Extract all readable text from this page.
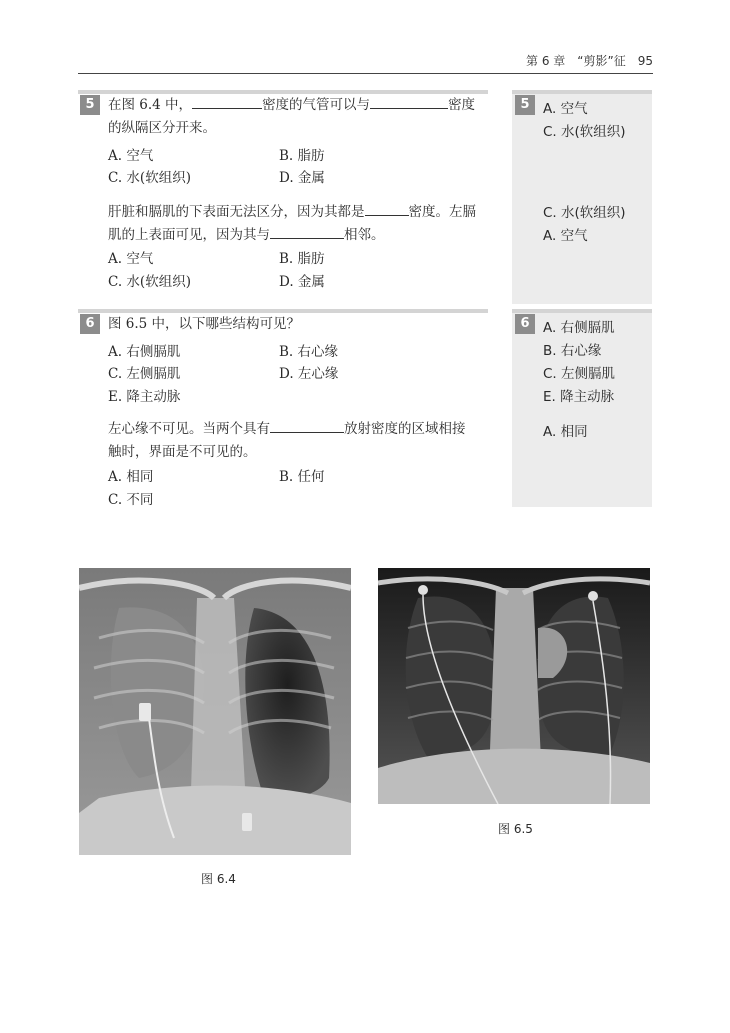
第 6 章　“剪影”征 95
5	5
在图 6.4 中，	密度的气管可以与	密度
的纵隔区分开来。
A. 空气	B. 脂肪
C. 水(软组织)	D. 金属
肝脏和膈肌的下表面无法区分，因为其都是	密度。左膈
肌的上表面可见，因为其与	相邻。
A. 空气	B. 脂肪
C. 水(软组织)	D. 金属
A. 空气
C. 水(软组织)
C. 水(软组织)
A. 空气
6	6
图 6.5 中，以下哪些结构可见？
A. 右侧膈肌	B. 右心缘
C. 左侧膈肌	D. 左心缘
E. 降主动脉
左心缘不可见。当两个具有	放射密度的区域相接
触时，界面是不可见的。
A. 相同	B. 任何
C. 不同
A. 右侧膈肌
B. 右心缘
C. 左侧膈肌
E. 降主动脉
A. 相同
图 6.4
图 6.5
